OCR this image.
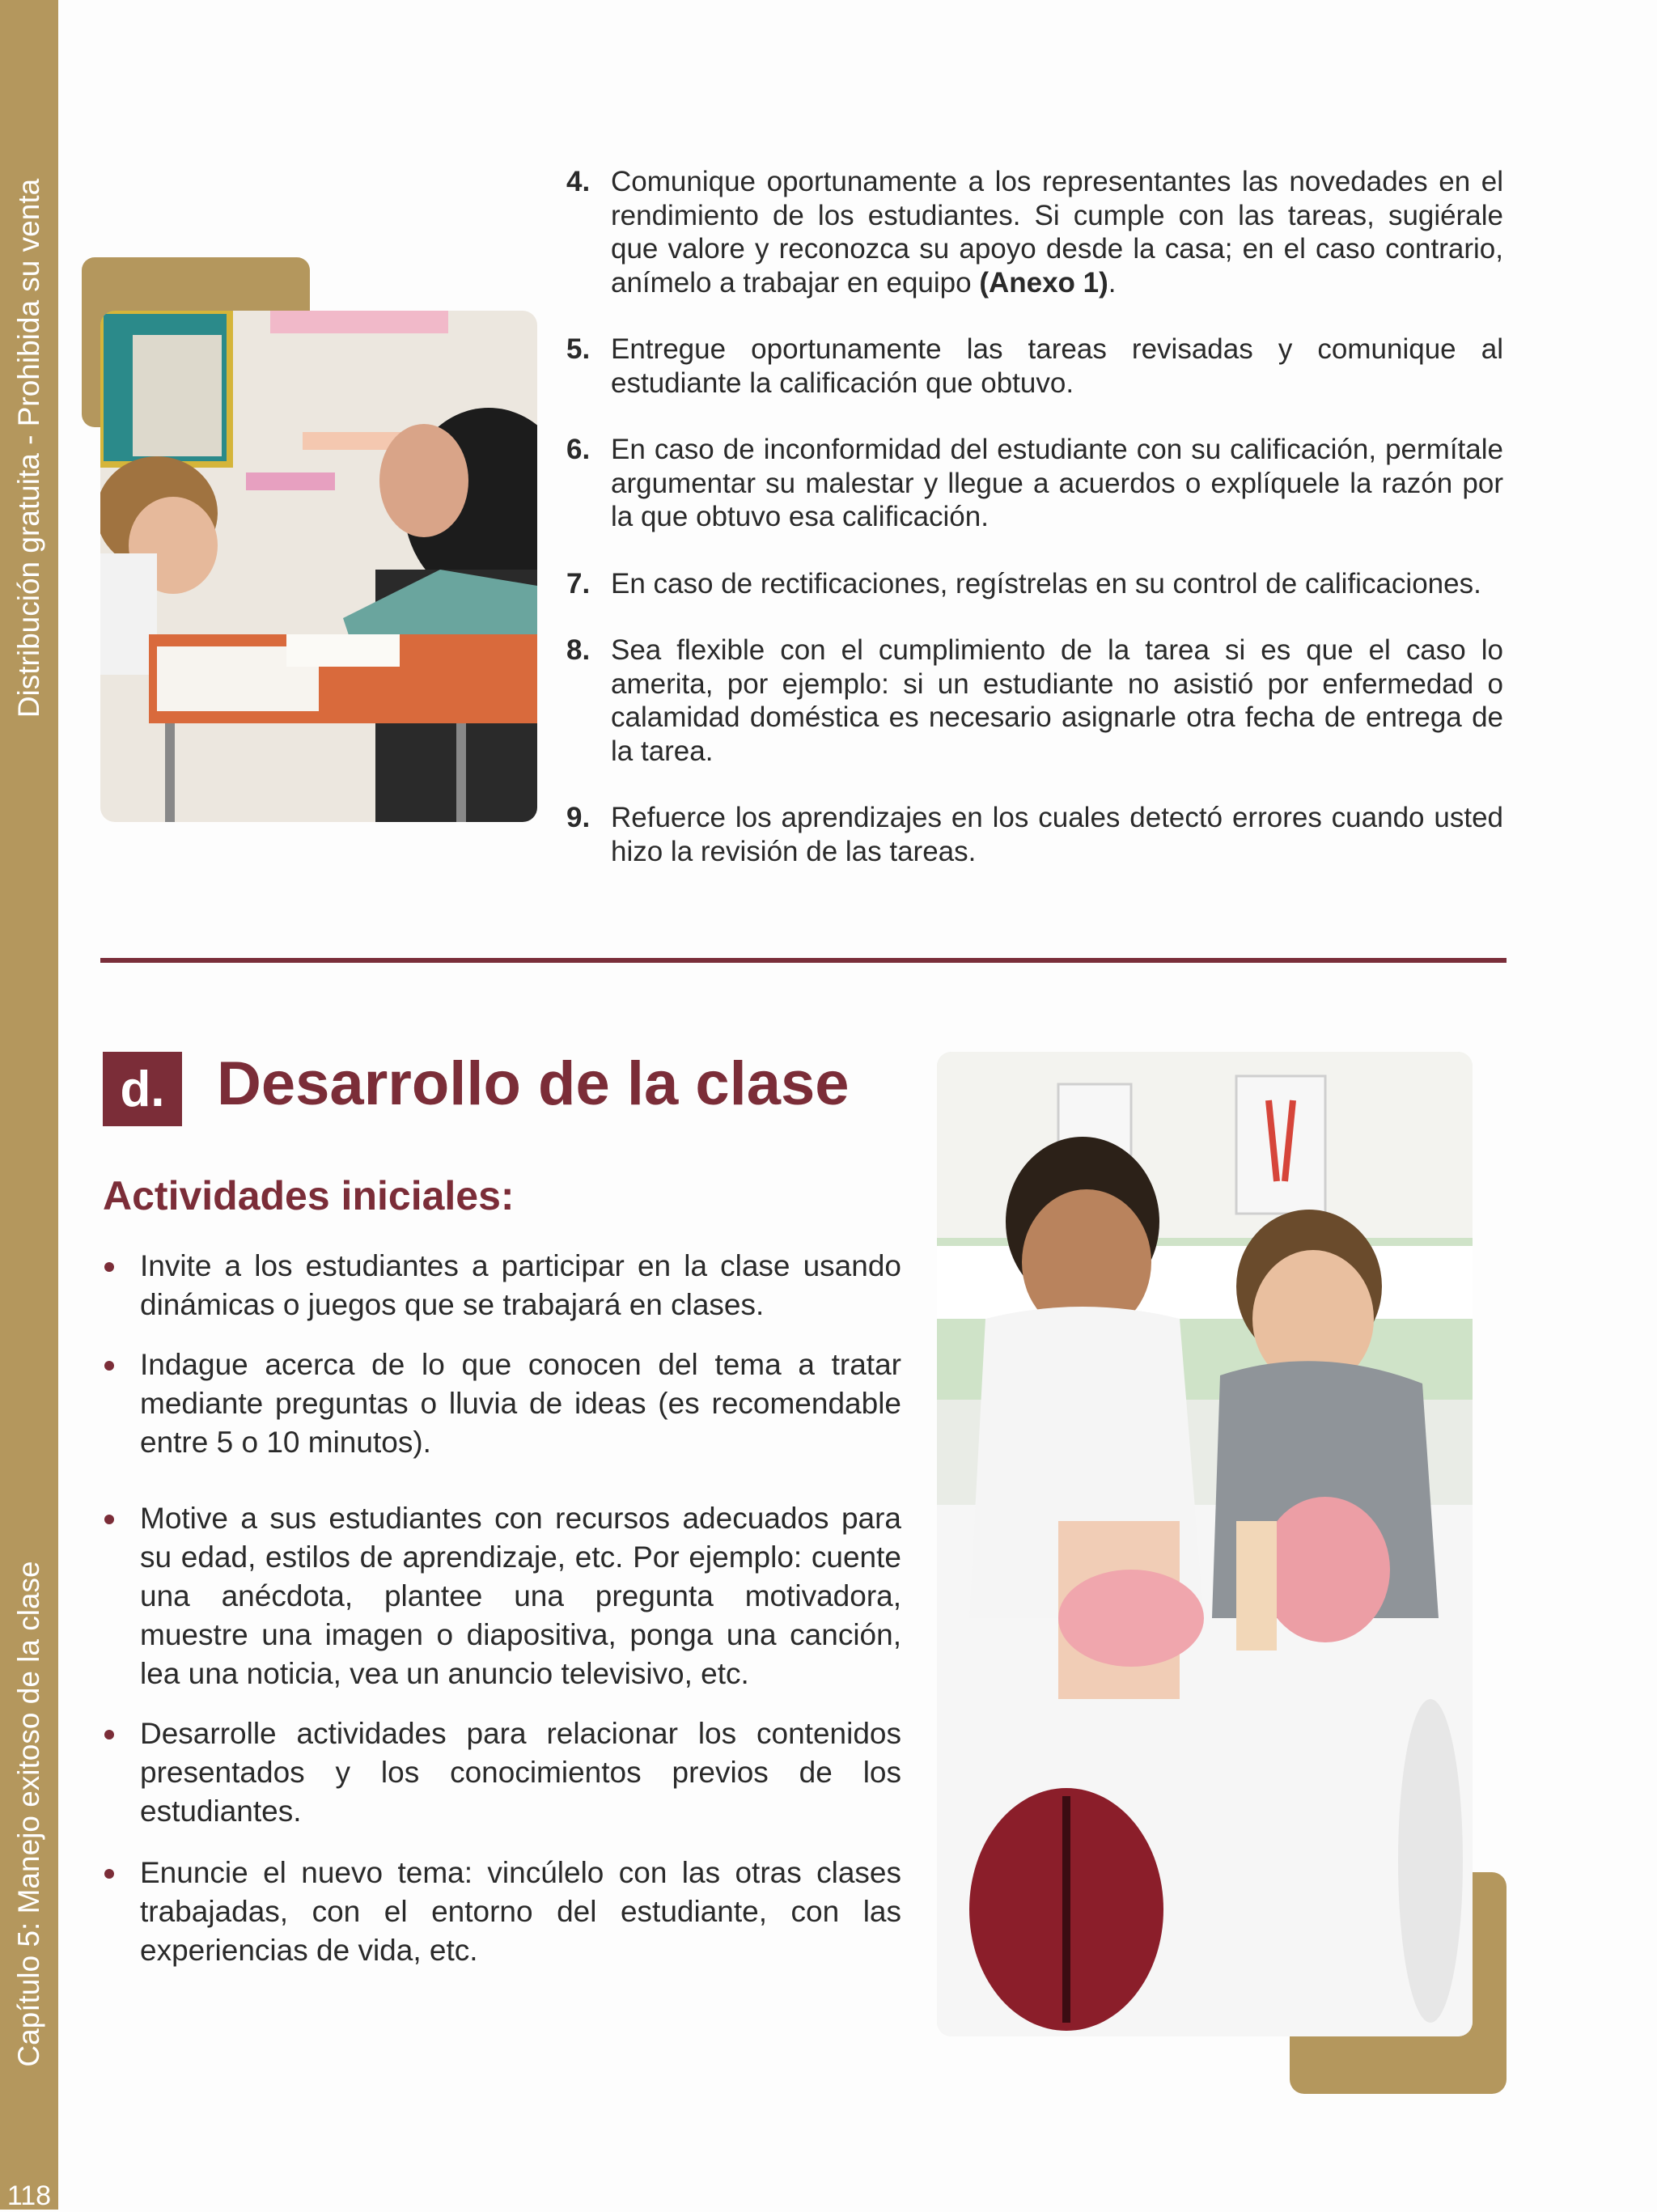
Distribución gratuita - Prohibida su venta
Capítulo 5: Manejo exitoso de la clase
118
4. Comunique oportunamente a los representantes las novedades en el rendimiento de los estudiantes. Si cumple con las tareas, sugiérale que valore y reconozca su apoyo desde la casa; en el caso contrario, anímelo a trabajar en equipo (Anexo 1).
5. Entregue oportunamente las tareas revisadas y comunique al estudiante la calificación que obtuvo.
6. En caso de inconformidad del estudiante con su calificación, permítale argumentar su malestar y llegue a acuerdos o explíquele la razón por la que obtuvo esa calificación.
7. En caso de rectificaciones, regístrelas en su control de calificaciones.
8. Sea flexible con el cumplimiento de la tarea si es que el caso lo amerita, por ejemplo: si un estudiante no asistió por enfermedad o calamidad doméstica es necesario asignarle otra fecha de entrega de la tarea.
9. Refuerce los aprendizajes en los cuales detectó errores cuando usted hizo la revisión de las tareas.
d. Desarrollo de la clase
Actividades iniciales:
Invite a los estudiantes a participar en la clase usando dinámicas o juegos que se trabajará en clases.
Indague acerca de lo que conocen del tema a tratar mediante preguntas o lluvia de ideas (es recomendable entre 5 o 10 minutos).
Motive a sus estudiantes con recursos adecuados para su edad, estilos de aprendizaje, etc. Por ejemplo: cuente una anécdota, plantee una pregunta motivadora, muestre una imagen o diapositiva, ponga una canción, lea una noticia, vea un anuncio televisivo, etc.
Desarrolle actividades para relacionar los contenidos presentados y los conocimientos previos de los estudiantes.
Enuncie el nuevo tema: vincúlelo con las otras clases trabajadas, con el entorno del estudiante, con las experiencias de vida, etc.
